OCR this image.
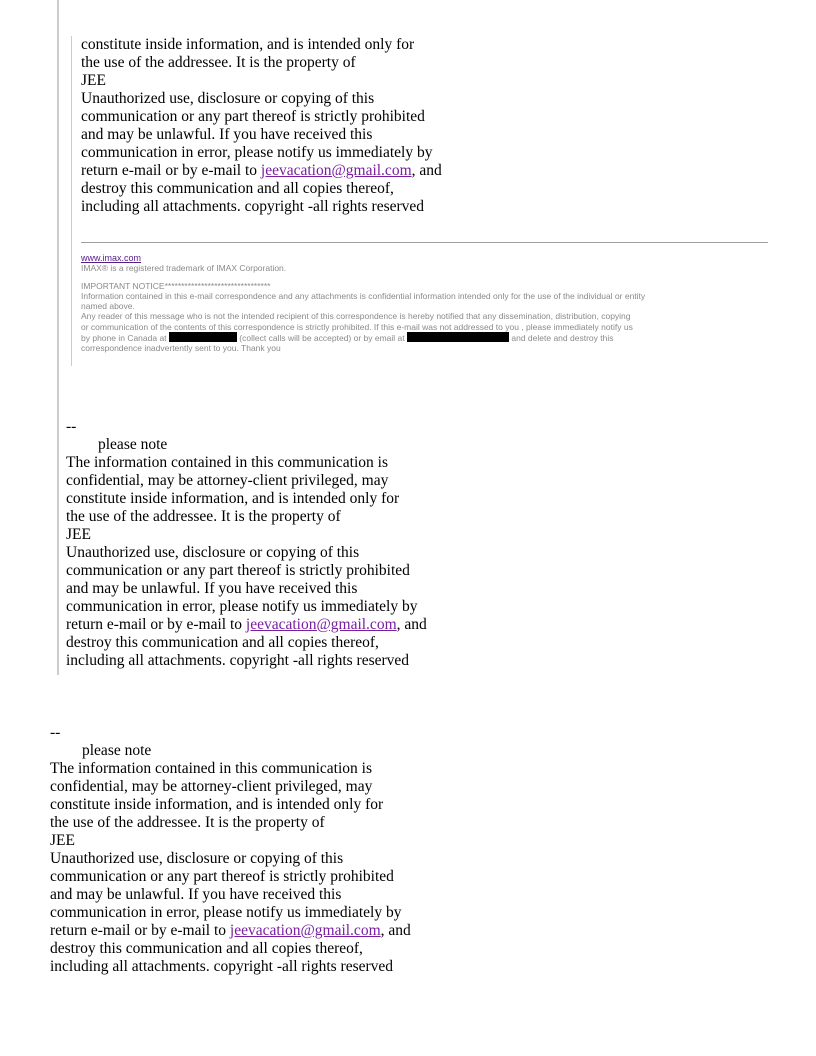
constitute inside information, and is intended only for
the use of the addressee. It is the property of
JEE
Unauthorized use, disclosure or copying of this
communication or any part thereof is strictly prohibited
and may be unlawful. If you have received this
communication in error, please notify us immediately by
return e-mail or by e-mail to jeevacation@gmail.com, and
destroy this communication and all copies thereof,
including all attachments. copyright -all rights reserved
www.imax.com
IMAX® is a registered trademark of IMAX Corporation.
IMPORTANT NOTICE********************************
Information contained in this e-mail correspondence and any attachments is confidential information intended only for the use of the individual or entity
named above.
Any reader of this message who is not the intended recipient of this correspondence is hereby notified that any dissemination, distribution, copying
or communication of the contents of this correspondence is strictly prohibited. If this e-mail was not addressed to you , please immediately notify us
by phone in Canada at	(collect calls will be accepted) or by email at	and delete and destroy this
correspondence inadvertently sent to you. Thank you
--
please note
The information contained in this communication is
confidential, may be attorney-client privileged, may
constitute inside information, and is intended only for
the use of the addressee. It is the property of
JEE
Unauthorized use, disclosure or copying of this
communication or any part thereof is strictly prohibited
and may be unlawful. If you have received this
communication in error, please notify us immediately by
return e-mail or by e-mail to jeevacation@gmail.com, and
destroy this communication and all copies thereof,
including all attachments. copyright -all rights reserved
--
please note
The information contained in this communication is
confidential, may be attorney-client privileged, may
constitute inside information, and is intended only for
the use of the addressee. It is the property of
JEE
Unauthorized use, disclosure or copying of this
communication or any part thereof is strictly prohibited
and may be unlawful. If you have received this
communication in error, please notify us immediately by
return e-mail or by e-mail to jeevacation@gmail.com, and
destroy this communication and all copies thereof,
including all attachments. copyright -all rights reserved
